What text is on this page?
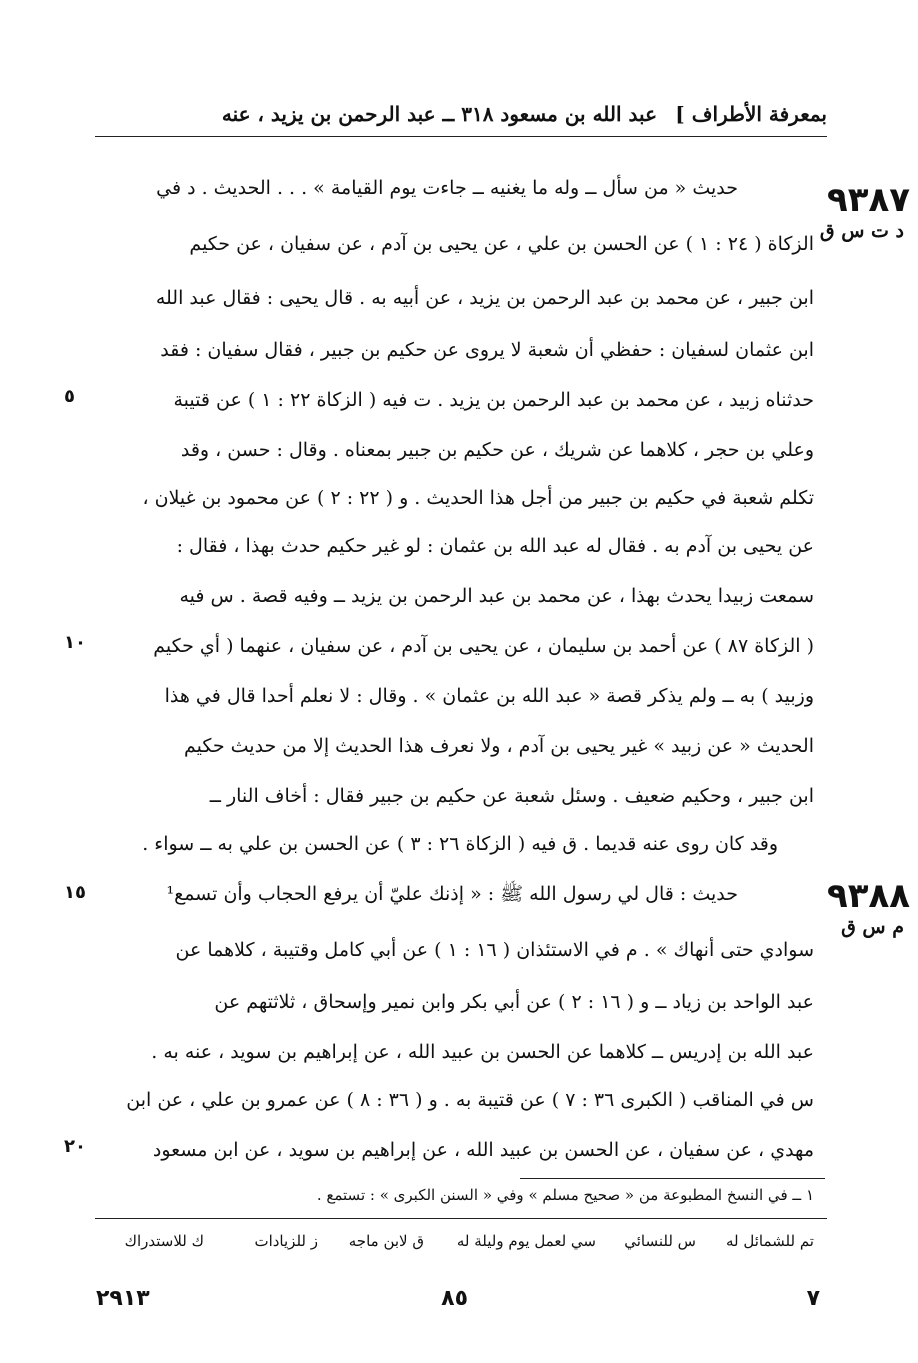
بمعرفة الأطراف ]
عبد الله بن مسعود ٣١٨ ــ عبد الرحمن بن يزيد ، عنه
٩٣٨٧
د ت س ق
حديث « من سأل ــ وله ما يغنيه ــ جاءت يوم القيامة » . . . الحديث . د في
الزكاة ( ٢٤ : ١ ) عن الحسن بن علي ، عن يحيى بن آدم ، عن سفيان ، عن حكيم
ابن جبير ، عن محمد بن عبد الرحمن بن يزيد ، عن أبيه به . قال يحيى : فقال عبد الله
ابن عثمان لسفيان : حفظي أن شعبة لا يروى عن حكيم بن جبير ، فقال سفيان : فقد
حدثناه زبيد ، عن محمد بن عبد الرحمن بن يزيد . ت فيه ( الزكاة ٢٢ : ١ ) عن قتيبة
وعلي بن حجر ، كلاهما عن شريك ، عن حكيم بن جبير بمعناه . وقال : حسن ، وقد
تكلم شعبة في حكيم بن جبير من أجل هذا الحديث . و ( ٢٢ : ٢ ) عن محمود بن غيلان ،
عن يحيى بن آدم به . فقال له عبد الله بن عثمان : لو غير حكيم حدث بهذا ، فقال :
سمعت زبيدا يحدث بهذا ، عن محمد بن عبد الرحمن بن يزيد ــ وفيه قصة . س فيه
( الزكاة ٨٧ ) عن أحمد بن سليمان ، عن يحيى بن آدم ، عن سفيان ، عنهما ( أي حكيم
وزبيد ) به ــ ولم يذكر قصة « عبد الله بن عثمان » . وقال : لا نعلم أحدا قال في هذا
الحديث « عن زبيد » غير يحيى بن آدم ، ولا نعرف هذا الحديث إلا من حديث حكيم
ابن جبير ، وحكيم ضعيف . وسئل شعبة عن حكيم بن جبير فقال : أخاف النار ــ
وقد كان روى عنه قديما . ق فيه ( الزكاة ٢٦ : ٣ ) عن الحسن بن علي به ــ سواء .
٩٣٨٨
م س ق
حديث : قال لي رسول الله ﷺ : « إذنك عليّ أن يرفع الحجاب وأن تسمع¹
سوادي حتى أنهاك » . م في الاستئذان ( ١٦ : ١ ) عن أبي كامل وقتيبة ، كلاهما عن
عبد الواحد بن زياد ــ و ( ١٦ : ٢ ) عن أبي بكر وابن نمير وإسحاق ، ثلاثتهم عن
عبد الله بن إدريس ــ كلاهما عن الحسن بن عبيد الله ، عن إبراهيم بن سويد ، عنه به .
س في المناقب ( الكبرى ٣٦ : ٧ ) عن قتيبة به . و ( ٣٦ : ٨ ) عن عمرو بن علي ، عن ابن
مهدي ، عن سفيان ، عن الحسن بن عبيد الله ، عن إبراهيم بن سويد ، عن ابن مسعود
٥
١٠
١٥
٢٠
١ ــ في النسخ المطبوعة من « صحيح مسلم » وفي « السنن الكبرى » : تستمع .
تم للشمائل له
س للنسائي
سي لعمل يوم وليلة له
ق لابن ماجه
ز للزيادات
ك للاستدراك
٧
٨٥
٢٩١٣
